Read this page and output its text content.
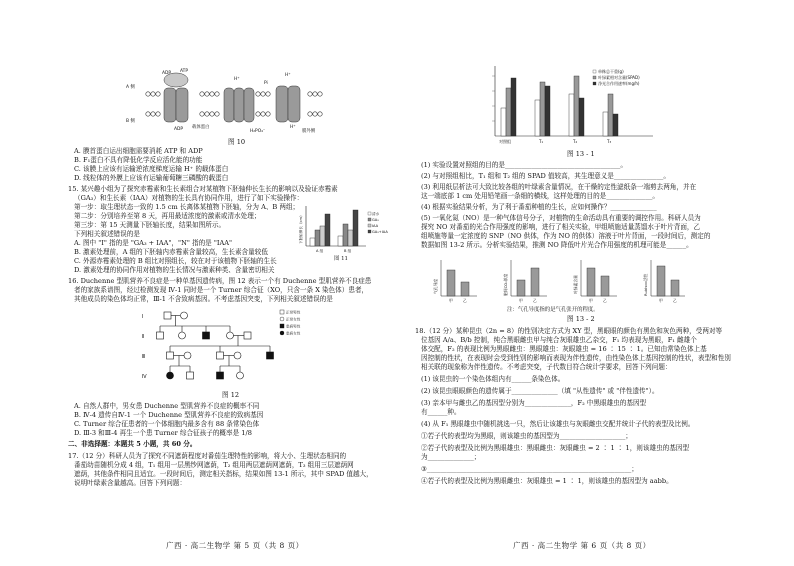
ATP
ADP
H⁺
Pi
ADP	H₂PO₄⁻
A 侧
B 侧
载体蛋白
膜外侧
H⁺
H⁺
图 10
A. 膜首蛋白运出细胞需要消耗 ATP 和 ADP
B. F₁蛋白不具有降低化学反应活化能的功能
C. 该膜上应该有运输逆浓度梯度运输 H⁺ 的载体蛋白
D. 线粒体的外膜上应该有运输葡萄糖三磷酸的载蛋白
15. 某兴趣小组为了探究赤霉素和生长素组合对某植物下胚轴伸长生长的影响以及验证赤霉素
（GA₃）和生长素（IAA）对植物的生长具有协同作用，进行了如下实验操作：
第一步：取生理状态一致的 1.5 cm 长离体某植物下胚轴，分为 A、B 两组；
第二步：分别培养至第 8 天，再用最适浓度的激素或清水处理；
第三步：第 15 天测量下胚轴长度，结果如图所示。
下列相关叙述错误的是
A 组	B 组
清水
GA₃
IAA
GA₃+IAA
下胚轴伸长（cm）
图 11
A. 图中 "I" 指的是 "GA₃ + IAA"，"N" 指的是 "IAA"
B. 激素处理前，A 组的下胚轴内赤霉素含量较高，生长素含量较低
C. 外源赤霉素处理的 B 组比对照组长，较在对于该植物下胚轴的生长
D. 激素处理的协同作用对植物的生长情况与激素种类、含量密切相关
16. Duchenne 型肌营养不良症是一种单基因遗传病，图 12 表示一个有 Duchenne 型肌营养不良症患
者的家族系谱图，经过检测发现 Ⅳ-1 同时是一个 Turner 综合征（XO，只含一条 X 染色体）患者，
其他成员的染色体均正常，Ⅲ-1 不含致病基因。不考虑基因突变，下列相关叙述错误的是
Ⅰ
Ⅱ
Ⅲ
Ⅳ
正常男性
正常女性
患病男性
患病女性
图 12
A. 自然人群中，男女患 Duchenne 型肌营养不良症的概率不同
B. Ⅳ-4 遗传自Ⅳ-1 一个 Duchenne 型肌营养不良症的致病基因
C. Turner 综合征患者的一个体细胞内最多含有 88 条常染色体
D. Ⅲ-3 和Ⅲ-4 再生一个患 Turner 综合征孩子的概率是 1/8
二、非选择题：本题共 5 小题，共 60 分。
17.（12 分）科研人员为了探究不同遮荫程度对番茄生理特性的影响，将大小、生理状态相同的
番茄幼苗随机分成 4 组，T₁ 组用一层黑纱网遮荫，T₂ 组用两层遮荫网遮荫，T₃ 组用三层遮荫网
遮荫，其他条件相同且适宜。一段时间后，测定相关指标，结果如图 13-1 所示，其中 SPAD 值越大，
说明叶绿素含量越高。回答下列问题：
广西 · 高二生物学 第 5 页（共 8 页）
对照组	T₁	T₂	T₃
单株总干重(g)
叶绿素相对含量(SPAD)
净光合作用速率(mg/h)
图 13 - 1
(1) 实验设置对照组的目的是___________________________________。
(2) 与对照组相比，T₁ 组和 T₂ 组的 SPAD 值较高，其生理意义是_______________。
(3) 利用纸层析法可大致比较各组的叶绿素含量情况，在干燥的定性滤纸条一端剪去两角，并在
这一端底部 1 cm 处用铅笔画一条细的横线，这样处理的目的是______________。
(4) 根据实验结果分析，为了利于番茄种植的生长，应如何操作？______________
(5) 一氧化氮（NO）是一种气体信号分子，对植物的生命活动具有重要的调控作用。科研人员为
探究 NO 对番茄的光合作用强度的影响，进行了相关实验，甲组喷施适量蒸馏水于叶片背面，乙
组喷施等量一定浓度的 SNP（NO 供体，作为 NO 的供体）溶液于叶片背面，一段时间后，测定的
数据如图 13-2 所示。分析实验结果，推测 NO 降低叶片光合作用强度的机理可能是______。
甲	乙	甲	乙	甲	乙	甲	乙
气孔导度	胞间CO₂浓度	叶绿素含量	Rubisco活性
注：气孔导度指的是气孔张开的程度。
图 13 - 2
18.（12 分）某种昆虫（2n = 8）的性别决定方式为 XY 型，黑眼眼的颜色有黑色和灰色两种，受两对等
位基因 A/a、B/b 控制，纯合黑眼雌虫甲与纯合灰眼雄虫乙杂交，F₁ 均表现为黑眼，F₁ 雌雄个
体交配，F₂ 的表现比例为黑眼雌虫：黑眼雄虫：灰眼雄虫 = 16 ∶ 15 ∶ 1。已知由常染色体上基
因控制的性状，在表现时会受到性别的影响而表现为伴性遗传，由性染色体上基因控制的性状，表型和性别
相关联的现象称为伴性遗传。不考虑突变，子代数目符合统计学要求，回答下列问题：
(1) 该昆虫的一个染色体组内有______条染色体。
(2) 该昆虫眼眼颜色的遗传属于______________（填 "从性遗传" 或 "伴性遗传"）。
(3) 亲本甲与雌虫乙的基因型分别为______________，F₂ 中黑眼雄虫的基因型
有______种。
(4) 从 F₁ 黑眼雄虫中随机挑选一只，然后让该雄虫与灰眼雌虫交配并统计子代的表型及比例。
①若子代的表型均为黑眼，则该雄虫的基因型为____________________；
②若子代的表型及比例为黑眼雄虫：黑眼雌虫：灰眼雌虫 = 2 ∶ 1 ∶ 1，则该雄虫的基因型
为______________；
③______________________________________________________________；
④若子代的表型及比例为黑眼雌虫：灰眼雄虫 = 1 ∶ 1，则该雄虫的基因型为 aabb。
广西 · 高二生物学 第 6 页（共 8 页）
